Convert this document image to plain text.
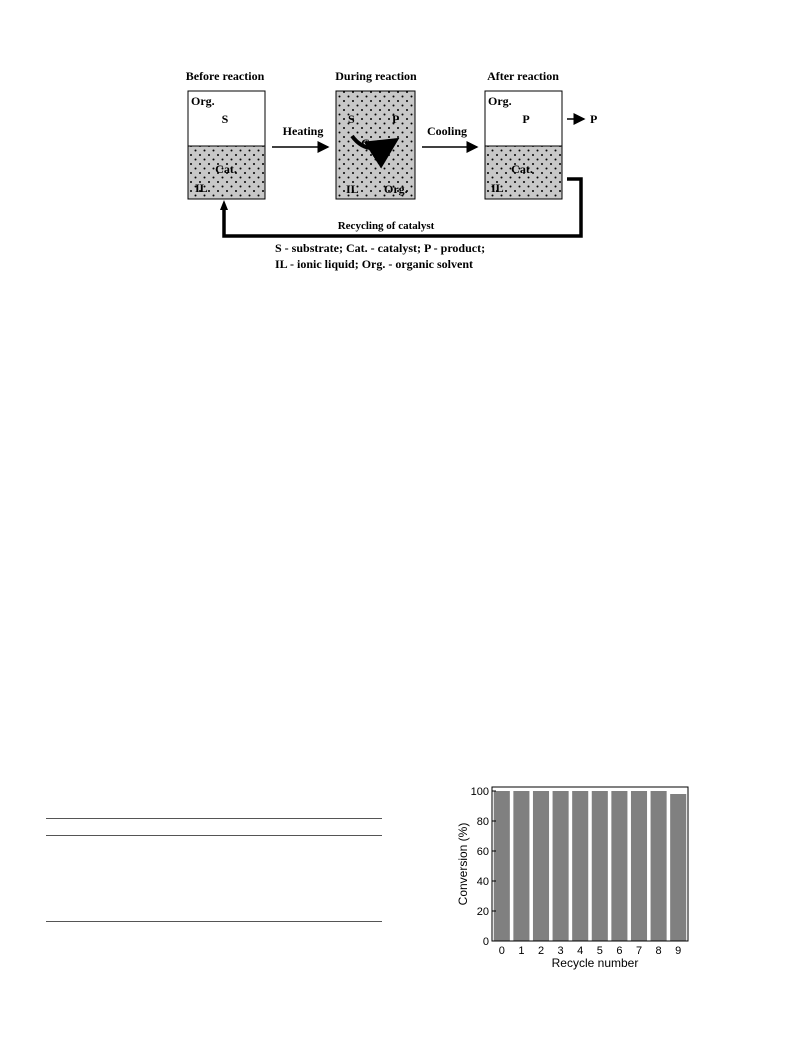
Before reaction
Org.
S
Cat.
IL
Heating
During reaction
S	P
Cat.
IL Org.
Cooling
After reaction
Org.
P
Cat.
IL
P
Recycling of catalyst
S - substrate; Cat. - catalyst; P - product;
IL - ionic liquid; Org. - organic solvent
0
20
40
60
80
100
0 1 2 3 4 5 6 7 8 9
Recycle number
Conversion (%)
